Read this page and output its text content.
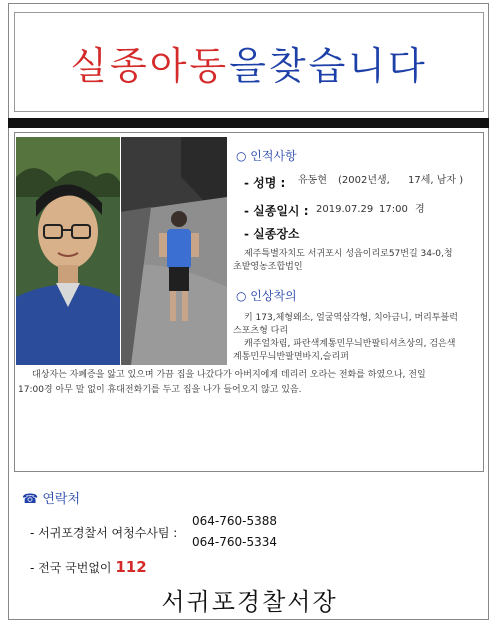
실종아동 을 찾습니다
○ 인적사항
- 성명 : 유동현 (2002년생, 17세, 남자 )
- 실종일시 : 2019.07.29 17:00 경
- 실종장소
제주특별자치도 서귀포시 성읍이리로57번길 34-0,청
초밭영농조합법인
○ 인상착의
키 173,체형왜소, 얼굴역삼각형, 치아금니, 머리투블럭
스포츠형 다리
캐주얼차림, 파란색계통민무늬반팔티셔츠상의, 검은색
계통민무늬반팔면바지,슬리퍼
대상자는 자폐증을 앓고 있으며 가끔 집을 나갔다가 아버지에게 데리러 오라는 전화를 하였으나, 전일
17:00경 아무 말 없이 휴대전화기를 두고 집을 나가 들어오지 않고 있음.
☎ 연락처
- 서귀포경찰서 여청수사팀 :
064-760-5388
064-760-5334
- 전국 국번없이 112
서귀포경찰서장
